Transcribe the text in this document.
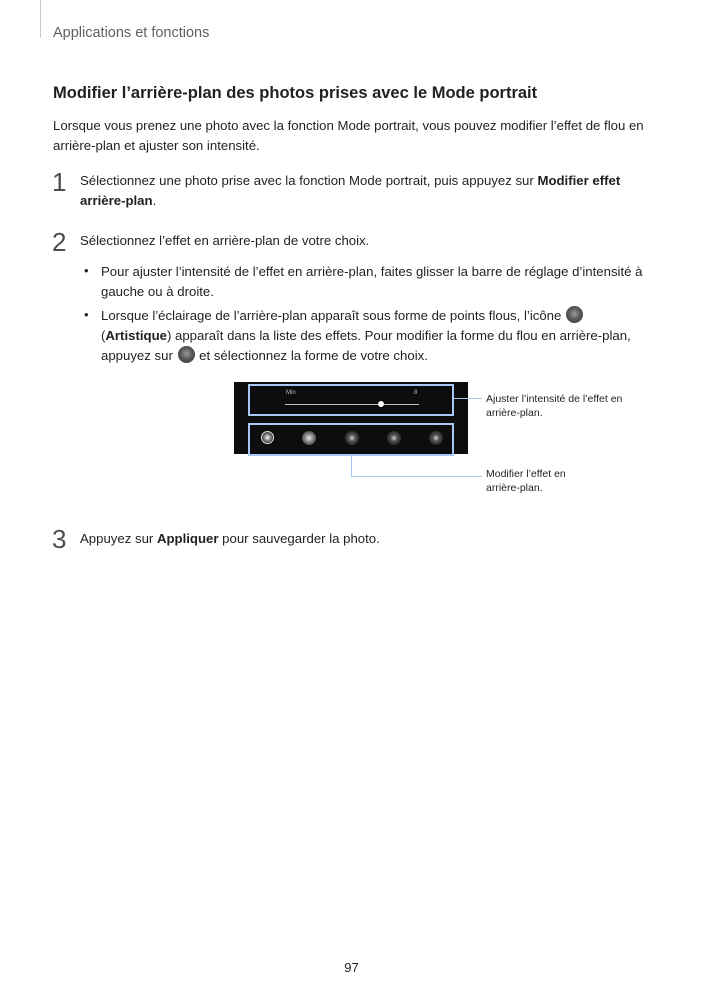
Applications et fonctions
Modifier l’arrière-plan des photos prises avec le Mode portrait

Lorsque vous prenez une photo avec la fonction Mode portrait, vous pouvez modifier l’effet de flou en arrière-plan et ajuster son intensité.

1 Sélectionnez une photo prise avec la fonction Mode portrait, puis appuyez sur Modifier effet arrière-plan.

2 Sélectionnez l’effet en arrière-plan de votre choix.

• Pour ajuster l’intensité de l’effet en arrière-plan, faites glisser la barre de réglage d’intensité à gauche ou à droite.

• Lorsque l’éclairage de l’arrière-plan apparaît sous forme de points flous, l’icône
(Artistique) apparaît dans la liste des effets. Pour modifier la forme du flou en arrière-plan, appuyez sur  et sélectionnez la forme de votre choix.

Min	8	Ajuster l’intensité de l’effet en arrière-plan.
Modifier l’effet en arrière-plan.
3 Appuyez sur Appliquer pour sauvegarder la photo.

97
